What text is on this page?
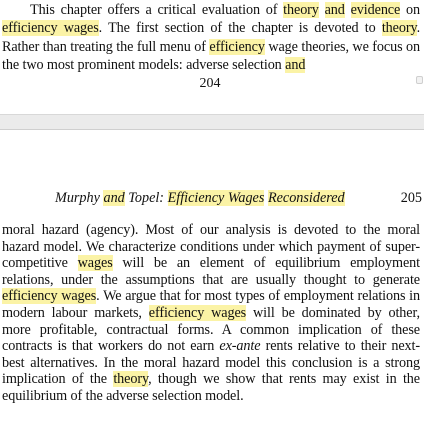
This chapter offers a critical evaluation of theory and evidence on efficiency wages. The first section of the chapter is devoted to theory. Rather than treating the full menu of efficiency wage theories, we focus on the two most prominent models: adverse selection and

204
Murphy and Topel: Efficiency Wages Reconsidered	205

moral hazard (agency). Most of our analysis is devoted to the moral hazard model. We characterize conditions under which payment of super-competitive wages will be an element of equilibrium employment relations, under the assumptions that are usually thought to generate efficiency wages. We argue that for most types of employment relations in modern labour markets, efficiency wages will be dominated by other, more profitable, contractual forms. A common implication of these contracts is that workers do not earn ex-ante rents relative to their next-best alternatives. In the moral hazard model this conclusion is a strong implication of the theory, though we show that rents may exist in the equilibrium of the adverse selection model.
